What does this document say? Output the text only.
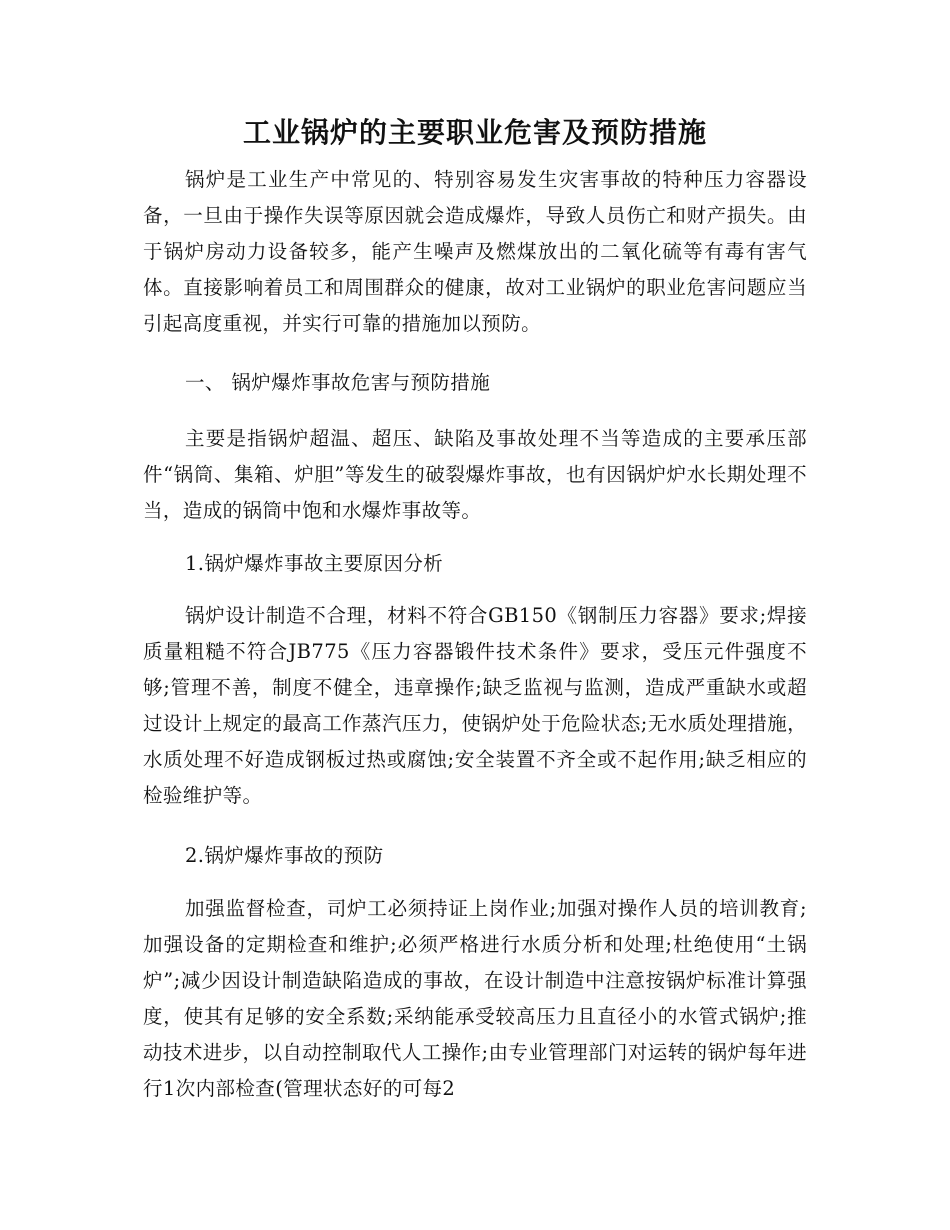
工业锅炉的主要职业危害及预防措施

锅炉是工业生产中常见的、特别容易发生灾害事故的特种压力容器设备，一旦由于操作失误等原因就会造成爆炸，导致人员伤亡和财产损失。由于锅炉房动力设备较多，能产生噪声及燃煤放出的二氧化硫等有毒有害气体。直接影响着员工和周围群众的健康，故对工业锅炉的职业危害问题应当引起高度重视，并实行可靠的措施加以预防。

一、 锅炉爆炸事故危害与预防措施

主要是指锅炉超温、超压、缺陷及事故处理不当等造成的主要承压部件“锅筒、集箱、炉胆”等发生的破裂爆炸事故，也有因锅炉炉水长期处理不当，造成的锅筒中饱和水爆炸事故等。

1.锅炉爆炸事故主要原因分析

锅炉设计制造不合理，材料不符合GB150《钢制压力容器》要求;焊接质量粗糙不符合JB775《压力容器锻件技术条件》要求，受压元件强度不够;管理不善，制度不健全，违章操作;缺乏监视与监测，造成严重缺水或超过设计上规定的最高工作蒸汽压力，使锅炉处于危险状态;无水质处理措施，水质处理不好造成钢板过热或腐蚀;安全装置不齐全或不起作用;缺乏相应的检验维护等。

2.锅炉爆炸事故的预防

加强监督检查，司炉工必须持证上岗作业;加强对操作人员的培训教育;加强设备的定期检查和维护;必须严格进行水质分析和处理;杜绝使用“土锅炉”;减少因设计制造缺陷造成的事故，在设计制造中注意按锅炉标准计算强度，使其有足够的安全系数;采纳能承受较高压力且直径小的水管式锅炉;推动技术进步，以自动控制取代人工操作;由专业管理部门对运转的锅炉每年进行1次内部检查(管理状态好的可每2
